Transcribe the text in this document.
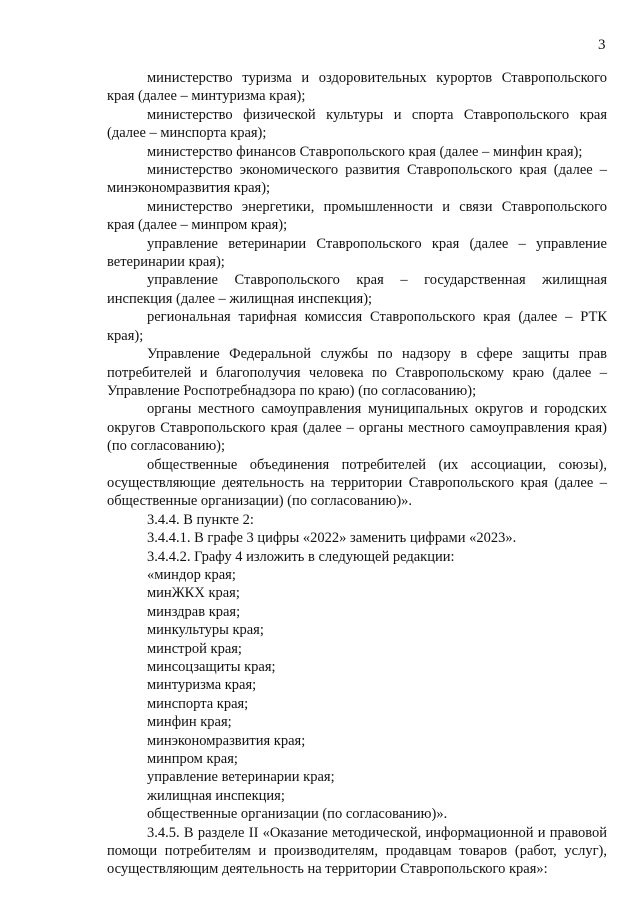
3

министерство туризма и оздоровительных курортов Ставропольского края (далее – минтуризма края);

министерство физической культуры и спорта Ставропольского края (далее – минспорта края);

министерство финансов Ставропольского края (далее – минфин края);

министерство экономического развития Ставропольского края (далее – минэкономразвития края);

министерство энергетики, промышленности и связи Ставропольского края (далее – минпром края);

управление ветеринарии Ставропольского края (далее – управление ветеринарии края);

управление Ставропольского края – государственная жилищная инспекция (далее – жилищная инспекция);

региональная тарифная комиссия Ставропольского края (далее – РТК края);

Управление Федеральной службы по надзору в сфере защиты прав потребителей и благополучия человека по Ставропольскому краю (далее – Управление Роспотребнадзора по краю) (по согласованию);

органы местного самоуправления муниципальных округов и городских округов Ставропольского края (далее – органы местного самоуправления края) (по согласованию);

общественные объединения потребителей (их ассоциации, союзы), осуществляющие деятельность на территории Ставропольского края (далее – общественные организации) (по согласованию)».

3.4.4. В пункте 2:

3.4.4.1. В графе 3 цифры «2022» заменить цифрами «2023».

3.4.4.2. Графу 4 изложить в следующей редакции:

«миндор края;

минЖКХ края;

минздрав края;

минкультуры края;

минстрой края;

минсоцзащиты края;

минтуризма края;

минспорта края;

минфин края;

минэкономразвития края;

минпром края;

управление ветеринарии края;

жилищная инспекция;

общественные организации (по согласованию)».

3.4.5. В разделе II «Оказание методической, информационной и правовой помощи потребителям и производителям, продавцам товаров (работ, услуг), осуществляющим деятельность на территории Ставропольского края»:
